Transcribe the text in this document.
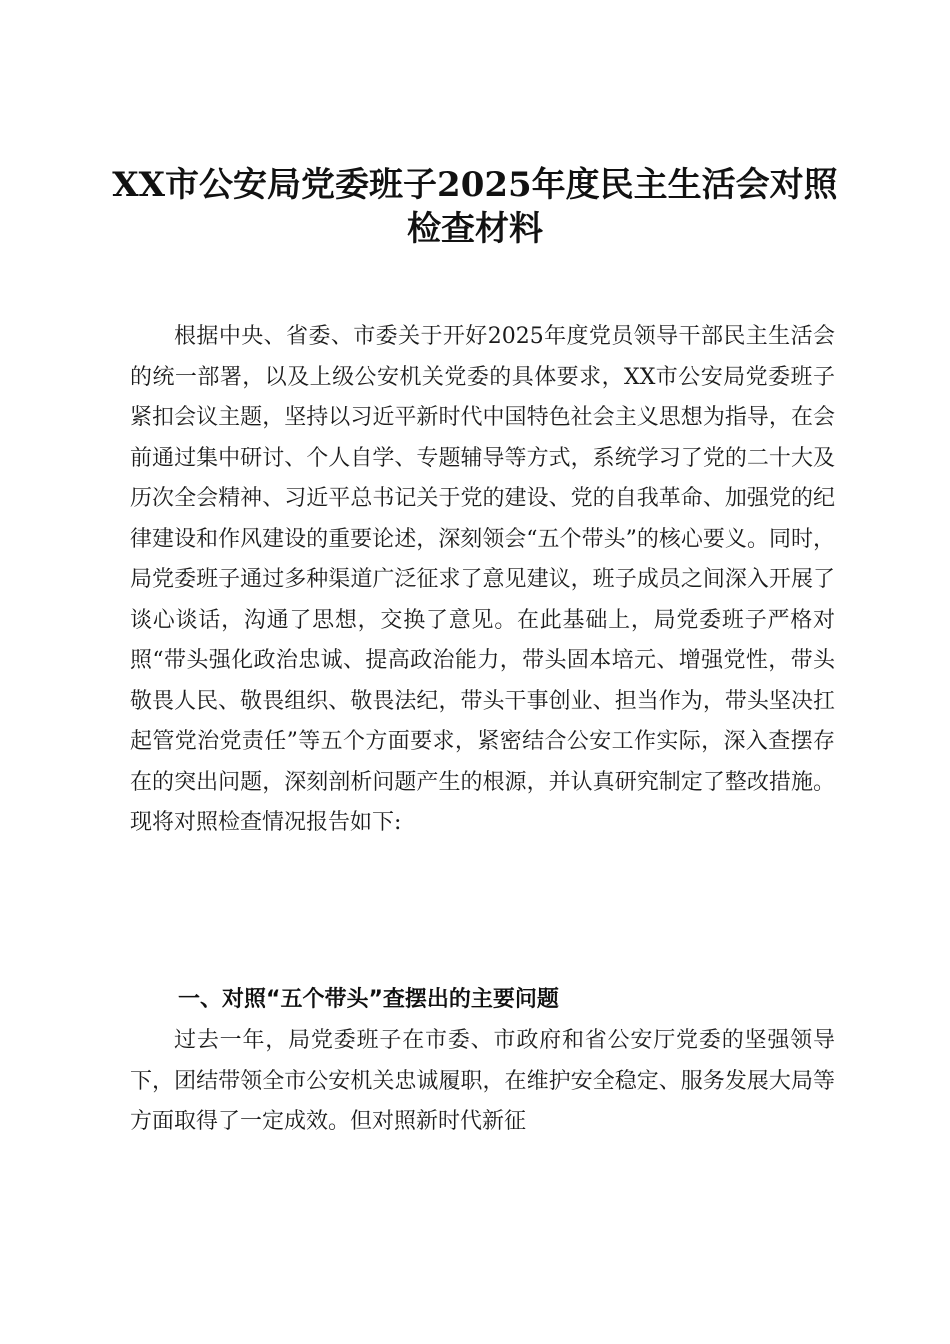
XX市公安局党委班子2025年度民主生活会对照检查材料

根据中央、省委、市委关于开好2025年度党员领导干部民主生活会的统一部署，以及上级公安机关党委的具体要求，XX市公安局党委班子紧扣会议主题，坚持以习近平新时代中国特色社会主义思想为指导，在会前通过集中研讨、个人自学、专题辅导等方式，系统学习了党的二十大及历次全会精神、习近平总书记关于党的建设、党的自我革命、加强党的纪律建设和作风建设的重要论述，深刻领会“五个带头”的核心要义。同时，局党委班子通过多种渠道广泛征求了意见建议，班子成员之间深入开展了谈心谈话，沟通了思想，交换了意见。在此基础上，局党委班子严格对照“带头强化政治忠诚、提高政治能力，带头固本培元、增强党性，带头敬畏人民、敬畏组织、敬畏法纪，带头干事创业、担当作为，带头坚决扛起管党治党责任”等五个方面要求，紧密结合公安工作实际，深入查摆存在的突出问题，深刻剖析问题产生的根源，并认真研究制定了整改措施。现将对照检查情况报告如下:

一、对照“五个带头”查摆出的主要问题

过去一年，局党委班子在市委、市政府和省公安厅党委的坚强领导下，团结带领全市公安机关忠诚履职，在维护安全稳定、服务发展大局等方面取得了一定成效。但对照新时代新征
